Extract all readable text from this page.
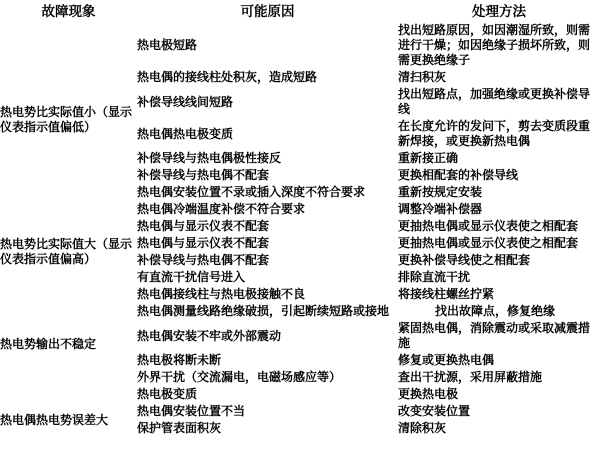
故障现象	可能原因	处理方法
热电势比实际值小（显示仪表指示值偏低）	热电极短路	找出短路原因，如因潮湿所致，则需进行干燥；如因绝缘子损坏所致，则需更换绝缘子
	热电偶的接线柱处积灰，造成短路	清扫积灰
	补偿导线线间短路	找出短路点，加强绝缘或更换补偿导线
	热电偶热电极变质	在长度允许的发问下，剪去变质段重新焊接，或更换新热电偶
	补偿导线与热电偶极性接反	重新接正确
	补偿导线与热电偶不配套	更换相配套的补偿导线
	热电偶安装位置不录或插入深度不符合要求	重新按规定安装
	热电偶冷端温度补偿不符合要求	调整冷端补偿器
热电势比实际值大（显示仪表指示值偏高）	热电偶与显示仪表不配套	更抽热电偶或显示仪表使之相配套
	热电偶与显示仪表不配套	更抽热电偶或显示仪表使之相配套
	补偿导线与热电偶不配套	更换补偿导线使之相配套
	有直流干扰信号进入	排除直流干扰
热电势输出不稳定	热电偶接线柱与热电极接触不良	将接线柱螺丝拧紧
	热电偶测量线路绝缘破损，引起断续短路或接地	找出故障点，修复绝缘
	热电偶安装不牢或外部震动	紧固热电偶，消除震动或采取减震措施
	热电极将断未断	修复或更换热电偶
	外界干扰（交流漏电，电磁场感应等）	查出干扰源，采用屏蔽措施
	热电极变质	更换热电极
热电偶热电势误差大	热电偶安装位置不当	改变安装位置
	保护管表面积灰	清除积灰
